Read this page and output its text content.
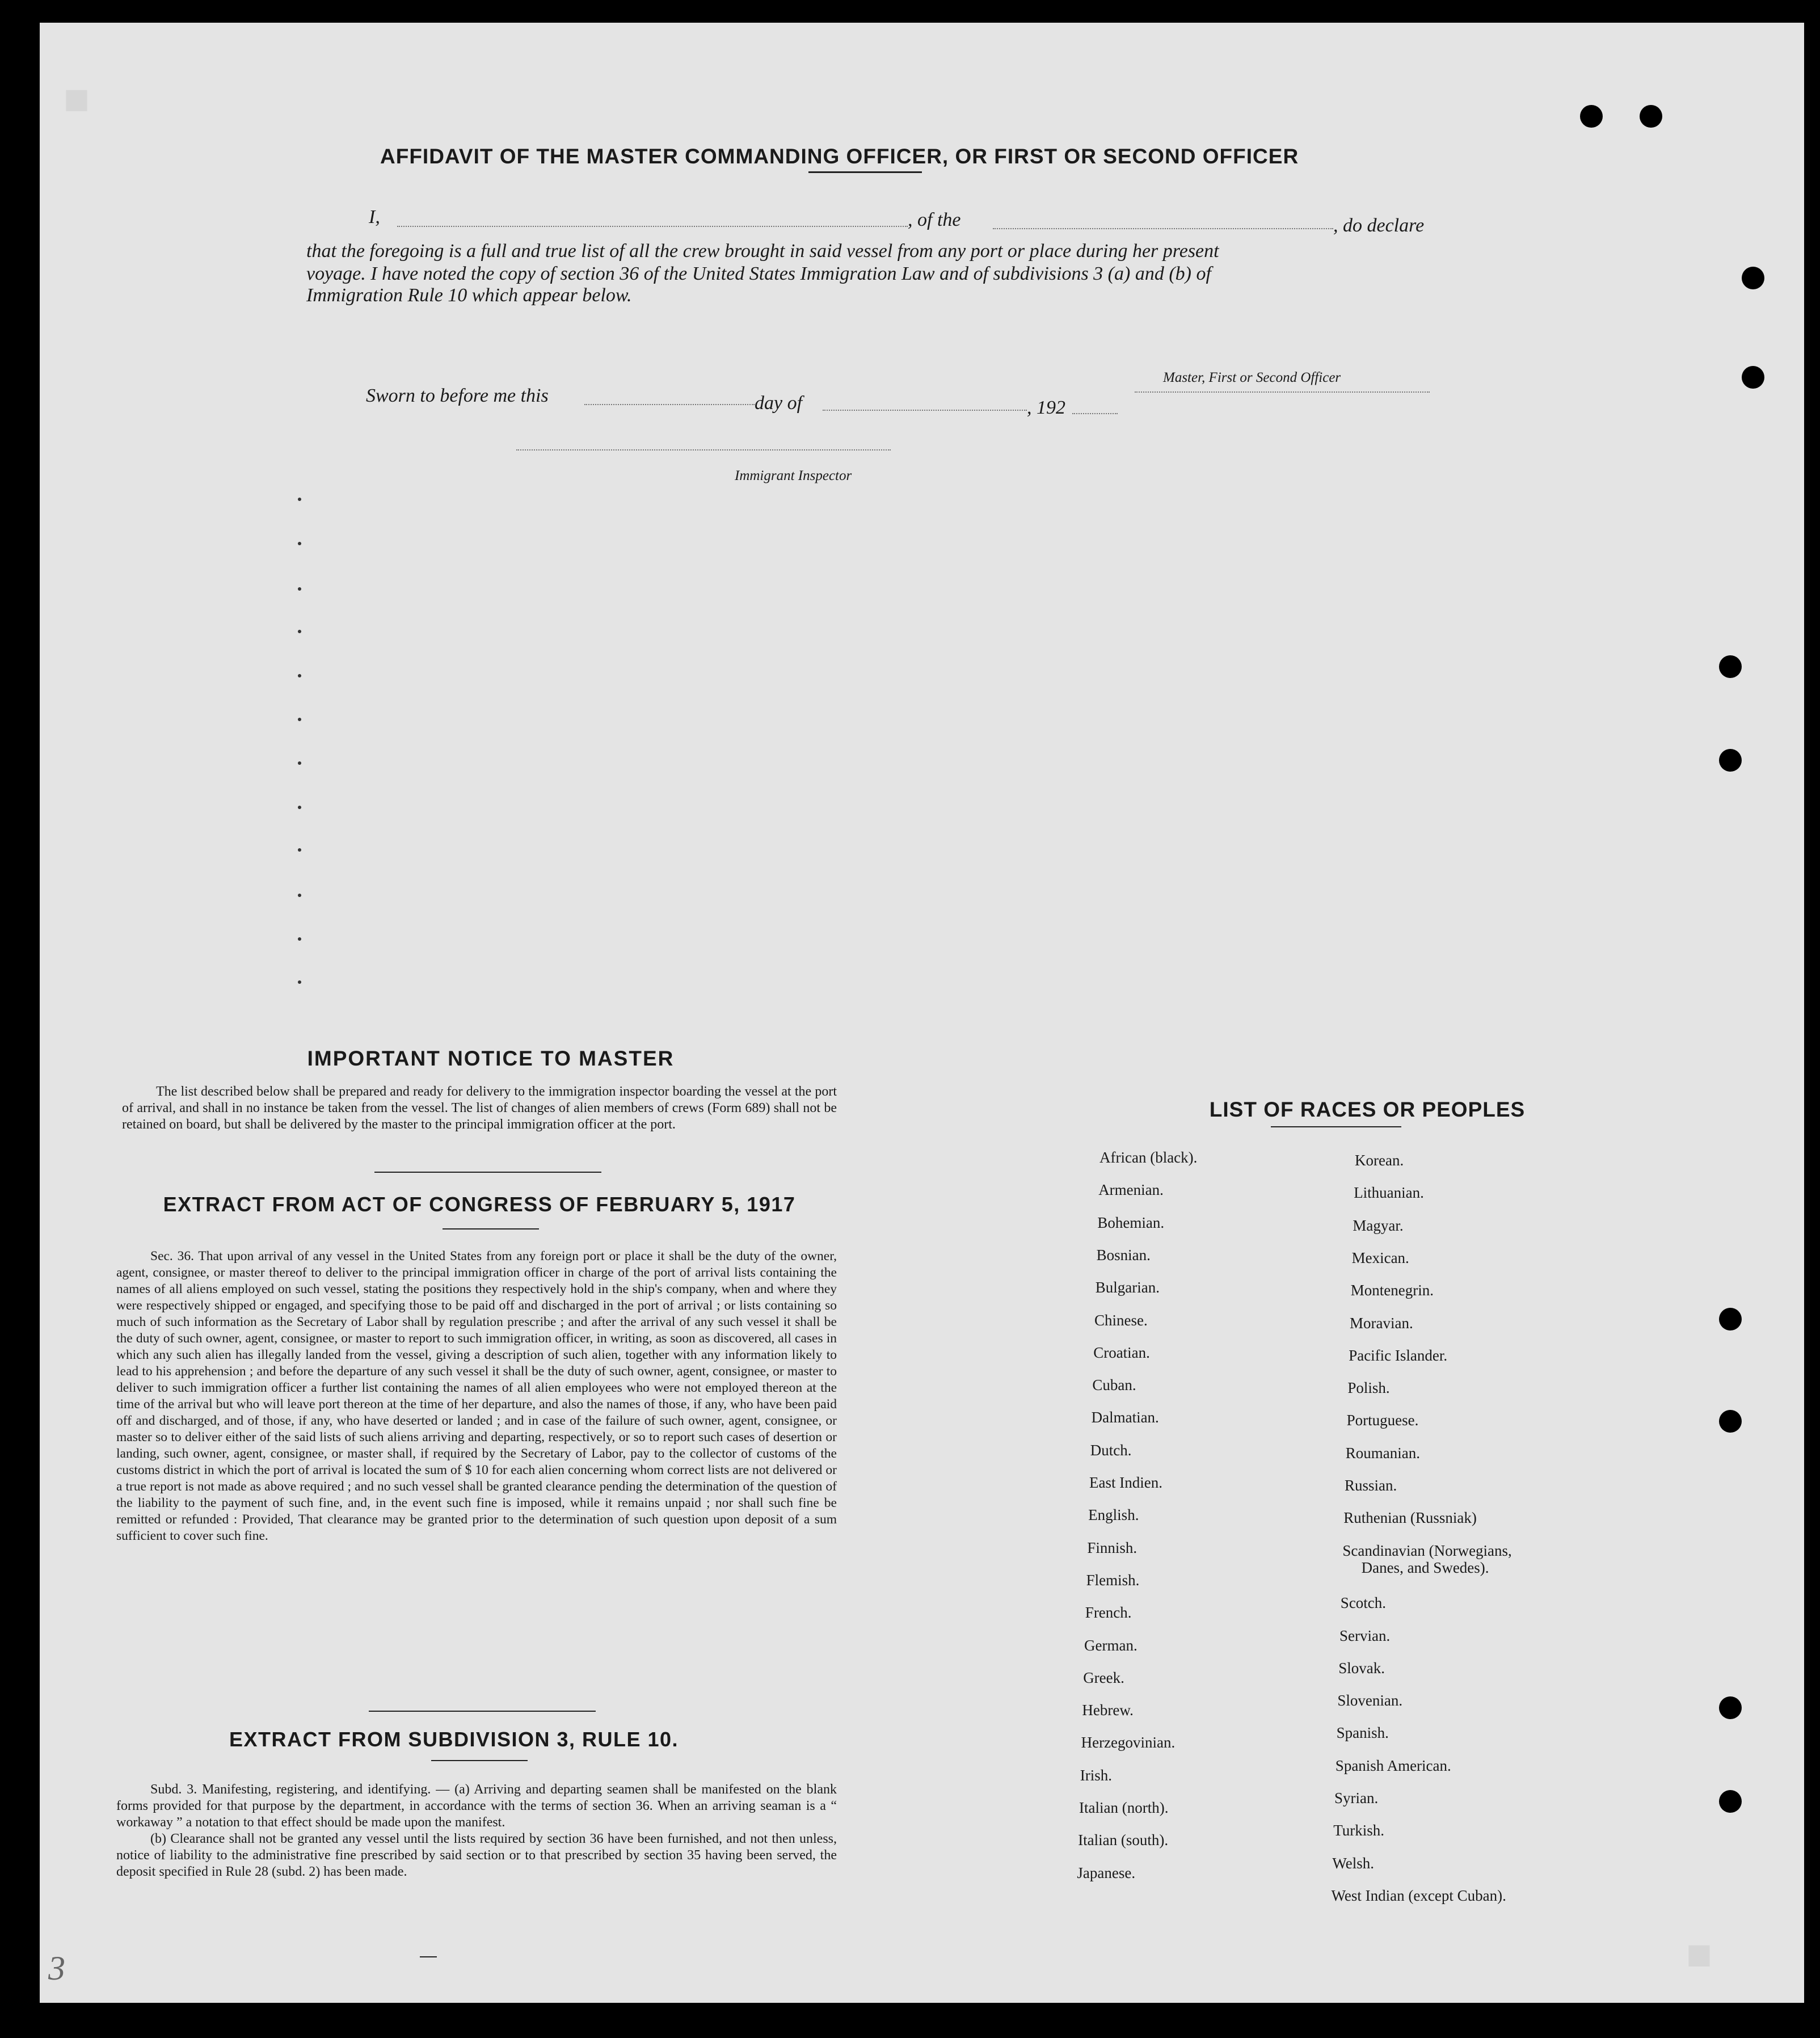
▪
▪
AFFIDAVIT OF THE MASTER COMMANDING OFFICER, OR FIRST OR SECOND OFFICER
I,	, of the	, do declare
that the foregoing is a full and true list of all the crew brought in said vessel from any port or place during her present
voyage. I have noted the copy of section 36 of the United States Immigration Law and of subdivisions 3 (a) and (b) of
Immigration Rule 10 which appear below.
Master, First or Second Officer
Sworn to before me this	day of	, 192
Immigrant Inspector
IMPORTANT NOTICE TO MASTER

The list described below shall be prepared and ready for delivery to the immigration inspector boarding the vessel at the port of arrival, and shall in no instance be taken from the vessel. The list of changes of alien members of crews (Form 689) shall not be retained on board, but shall be delivered by the master to the principal immigration officer at the port.

EXTRACT FROM ACT OF CONGRESS OF FEBRUARY 5, 1917

Sec. 36. That upon arrival of any vessel in the United States from any foreign port or place it shall be the duty of the owner, agent, consignee, or master thereof to deliver to the principal immigration officer in charge of the port of arrival lists containing the names of all aliens employed on such vessel, stating the positions they respectively hold in the ship's company, when and where they were respectively shipped or engaged, and specifying those to be paid off and discharged in the port of arrival ; or lists containing so much of such information as the Secretary of Labor shall by regulation prescribe ; and after the arrival of any such vessel it shall be the duty of such owner, agent, consignee, or master to report to such immigration officer, in writing, as soon as discovered, all cases in which any such alien has illegally landed from the vessel, giving a description of such alien, together with any information likely to lead to his apprehension ; and before the departure of any such vessel it shall be the duty of such owner, agent, consignee, or master to deliver to such immigration officer a further list containing the names of all alien employees who were not employed thereon at the time of the arrival but who will leave port thereon at the time of her departure, and also the names of those, if any, who have been paid off and discharged, and of those, if any, who have deserted or landed ; and in case of the failure of such owner, agent, consignee, or master so to deliver either of the said lists of such aliens arriving and departing, respectively, or so to report such cases of desertion or landing, such owner, agent, consignee, or master shall, if required by the Secretary of Labor, pay to the collector of customs of the customs district in which the port of arrival is located the sum of $ 10 for each alien concerning whom correct lists are not delivered or a true report is not made as above required ; and no such vessel shall be granted clearance pending the determination of the question of the liability to the payment of such fine, and, in the event such fine is imposed, while it remains unpaid ; nor shall such fine be remitted or refunded : Provided, That clearance may be granted prior to the determination of such question upon deposit of a sum sufficient to cover such fine.

EXTRACT FROM SUBDIVISION 3, RULE 10.

Subd. 3. Manifesting, registering, and identifying. — (a) Arriving and departing seamen shall be manifested on the blank forms provided for that purpose by the department, in accordance with the terms of section 36. When an arriving seaman is a “ workaway ” a notation to that effect should be made upon the manifest.

(b) Clearance shall not be granted any vessel until the lists required by section 36 have been furnished, and not then unless, notice of liability to the administrative fine prescribed by said section or to that prescribed by section 35 having been served, the deposit specified in Rule 28 (subd. 2) has been made.

LIST OF RACES OR PEOPLES
3
African (black).
Armenian.
Bohemian.
Bosnian.
Bulgarian.
Chinese.
Croatian.
Cuban.
Dalmatian.
Dutch.
East Indien.
English.
Finnish.
Flemish.
French.
German.
Greek.
Hebrew.
Herzegovinian.
Irish.
Italian (north).
Italian (south).
Japanese.
Korean.
Lithuanian.
Magyar.
Mexican.
Montenegrin.
Moravian.
Pacific Islander.
Polish.
Portuguese.
Roumanian.
Russian.
Ruthenian (Russniak)
Scandinavian (Norwegians,
Danes, and Swedes).
Scotch.
Servian.
Slovak.
Slovenian.
Spanish.
Spanish American.
Syrian.
Turkish.
Welsh.
West Indian (except Cuban).
